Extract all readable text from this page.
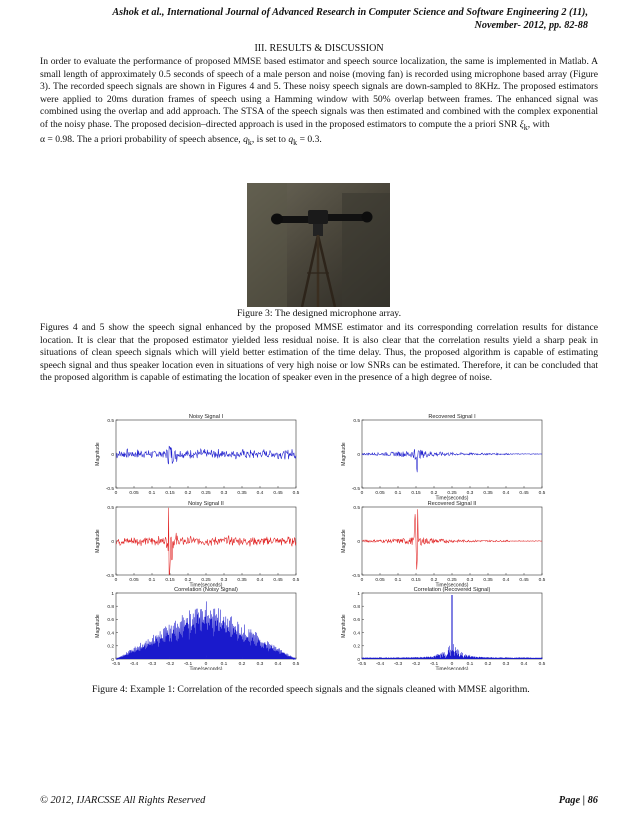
Ashok et al., International Journal of Advanced Research in Computer Science and Software Engineering 2 (11),
November- 2012, pp. 82-88
III. RESULTS & DISCUSSION

In order to evaluate the performance of proposed MMSE based estimator and speech source localization, the same is implemented in Matlab. A small length of approximately 0.5 seconds of speech of a male person and noise (moving fan) is recorded using microphone based array (Figure 3). The recorded speech signals are shown in Figures 4 and 5. These noisy speech signals are down-sampled to 8KHz. The proposed estimators were applied to 20ms duration frames of speech using a Hamming window with 50% overlap between frames. The enhanced signal was combined using the overlap and add approach. The STSA of the speech signals was then estimated and combined with the complex exponential of the noisy phase. The proposed decision–directed approach is used in the proposed estimators to compute the a priori SNR $\xi_k$, with
α = 0.98. The a priori probability of speech absence, $q_k$, is set to $q_k = 0.3$.

Figure 3: The designed microphone array.

Figures 4 and 5 show the speech signal enhanced by the proposed MMSE estimator and its corresponding correlation results for distance location. It is clear that the proposed estimator yielded less residual noise. It is also clear that the correlation results yield a sharp peak in situations of clean speech signals which will yield better estimation of the time delay. Thus, the proposed algorithm is capable of estimating speech signal and thus speaker location even in situations of very high noise or low SNRs can be estimated. Therefore, it can be concluded that the proposed algorithm is capable of estimating the location of speaker even in the presence of a high degree of noise.

Noisy Signal I
0.5
0
-0.5
0 0.05 0.1 0.15 0.2 0.25 0.3 0.35 0.4 0.45 0.5
Magnitude
Noisy Signal II
0.5
0
-0.5
0 0.05 0.1 0.15 0.2 0.25 0.3 0.35 0.4 0.45 0.5
Magnitude
Time(seconds)
Correlation (Noisy Signal)
1
0.8
0.6
0.4
0.2
0
-0.5 -0.4 -0.3 -0.2 -0.1	0	0.1 0.2 0.3 0.4 0.5
Magnitude
Time(seconds)
Recovered Signal I
0.5
0
-0.5
0 0.05 0.1 0.15 0.2 0.25 0.3 0.35 0.4 0.45 0.5
Magnitude
Recovered Signal II
0.5
0
-0.5
0 0.05 0.1 0.15 0.2 0.25 0.3 0.35 0.4 0.45 0.5
Magnitude
Time(seconds)
Correlation (Recovered Signal)
1
0.8
0.6
0.4
0.2
0
-0.5 -0.4 -0.3 -0.2 -0.1	0	0.1 0.2 0.3 0.4 0.5
Magnitude
Time(seconds)
Time(seconds)
Figure 4: Example 1: Correlation of the recorded speech signals and the signals cleaned with MMSE algorithm.
© 2012, IJARCSSE All Rights Reserved	Page | 86
